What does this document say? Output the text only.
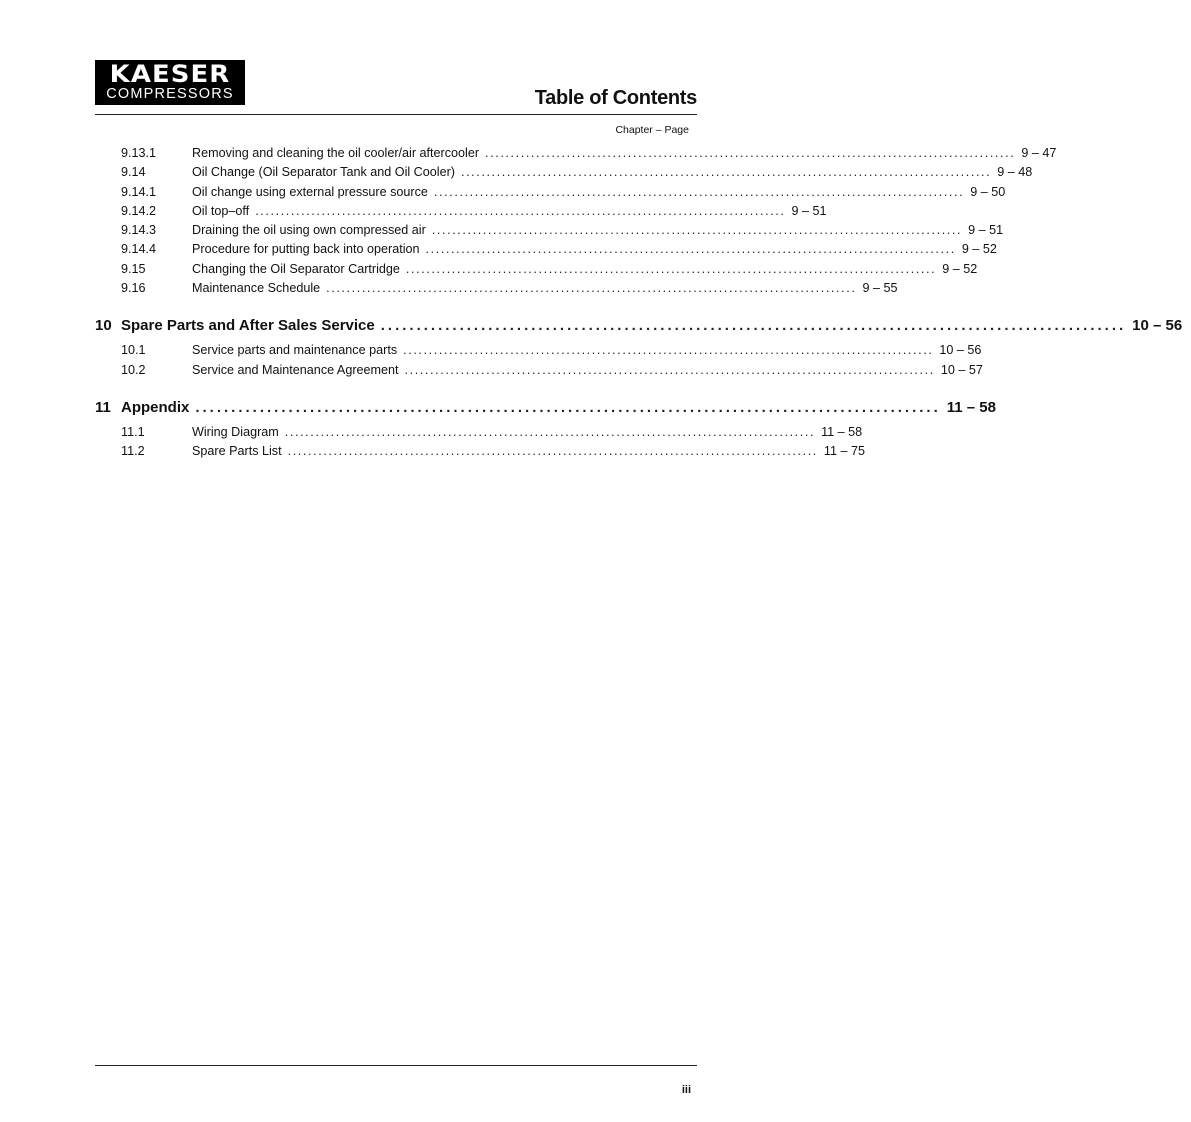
KAESER
COMPRESSORS	Table of Contents
Chapter – Page
9.13.1	Removing and cleaning the oil cooler/air aftercooler ........................................................................................................ 9 – 47
9.14	Oil Change (Oil Separator Tank and Oil Cooler) ........................................................................................................ 9 – 48
9.14.1	Oil change using external pressure source ........................................................................................................ 9 – 50
9.14.2	Oil top–off ........................................................................................................ 9 – 51
9.14.3	Draining the oil using own compressed air ........................................................................................................ 9 – 51
9.14.4	Procedure for putting back into operation ........................................................................................................ 9 – 52
9.15	Changing the Oil Separator Cartridge ........................................................................................................ 9 – 52
9.16	Maintenance Schedule ........................................................................................................ 9 – 55
10 Spare Parts and After Sales Service ........................................................................................................ 10 – 56
10.1	Service parts and maintenance parts ........................................................................................................ 10 – 56
10.2	Service and Maintenance Agreement ........................................................................................................ 10 – 57
11 Appendix ........................................................................................................ 11 – 58
11.1	Wiring Diagram ........................................................................................................ 11 – 58
11.2	Spare Parts List ........................................................................................................ 11 – 75
iii
